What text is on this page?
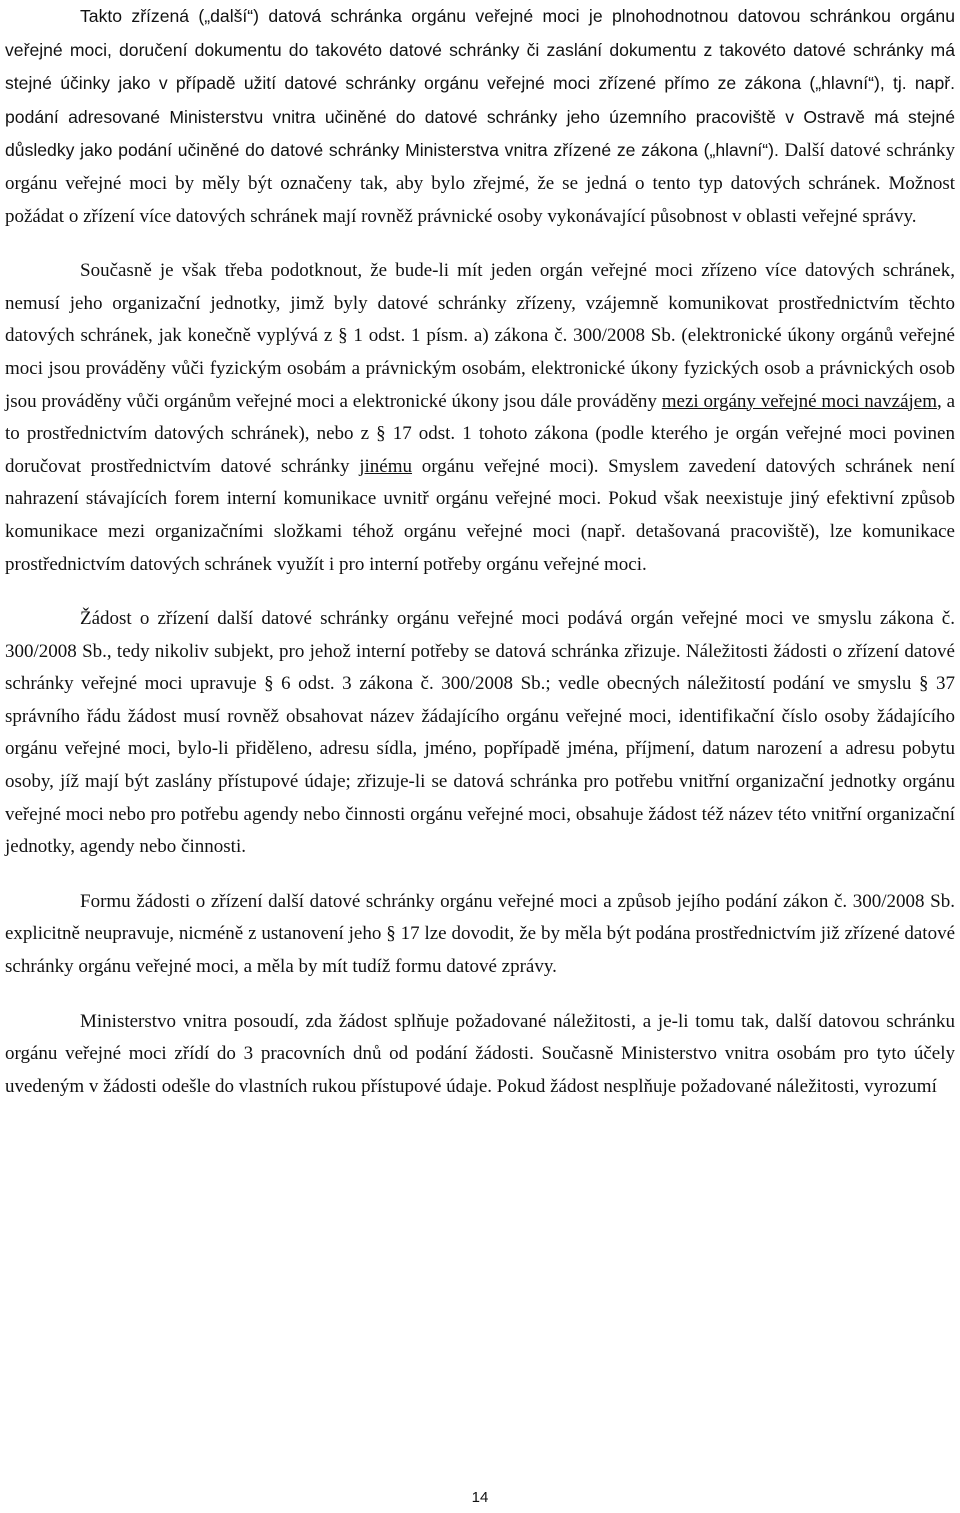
Takto zřízená („další“) datová schránka orgánu veřejné moci je plnohodnotnou datovou schránkou orgánu veřejné moci, doručení dokumentu do takovéto datové schránky či zaslání dokumentu z takovéto datové schránky má stejné účinky jako v případě užití datové schránky orgánu veřejné moci zřízené přímo ze zákona („hlavní“), tj. např. podání adresované Ministerstvu vnitra učiněné do datové schránky jeho územního pracoviště v Ostravě má stejné důsledky jako podání učiněné do datové schránky Ministerstva vnitra zřízené ze zákona („hlavní“). Další datové schránky orgánu veřejné moci by měly být označeny tak, aby bylo zřejmé, že se jedná o tento typ datových schránek. Možnost požádat o zřízení více datových schránek mají rovněž právnické osoby vykonávající působnost v oblasti veřejné správy.

Současně je však třeba podotknout, že bude-li mít jeden orgán veřejné moci zřízeno více datových schránek, nemusí jeho organizační jednotky, jimž byly datové schránky zřízeny, vzájemně komunikovat prostřednictvím těchto datových schránek, jak konečně vyplývá z § 1 odst. 1 písm. a) zákona č. 300/2008 Sb. (elektronické úkony orgánů veřejné moci jsou prováděny vůči fyzickým osobám a právnickým osobám, elektronické úkony fyzických osob a právnických osob jsou prováděny vůči orgánům veřejné moci a elektronické úkony jsou dále prováděny mezi orgány veřejné moci navzájem, a to prostřednictvím datových schránek), nebo z § 17 odst. 1 tohoto zákona (podle kterého je orgán veřejné moci povinen doručovat prostřednictvím datové schránky jinému orgánu veřejné moci). Smyslem zavedení datových schránek není nahrazení stávajících forem interní komunikace uvnitř orgánu veřejné moci. Pokud však neexistuje jiný efektivní způsob komunikace mezi organizačními složkami téhož orgánu veřejné moci (např. detašovaná pracoviště), lze komunikace prostřednictvím datových schránek využít i pro interní potřeby orgánu veřejné moci.

Žádost o zřízení další datové schránky orgánu veřejné moci podává orgán veřejné moci ve smyslu zákona č. 300/2008 Sb., tedy nikoliv subjekt, pro jehož interní potřeby se datová schránka zřizuje. Náležitosti žádosti o zřízení datové schránky veřejné moci upravuje § 6 odst. 3 zákona č. 300/2008 Sb.; vedle obecných náležitostí podání ve smyslu § 37 správního řádu žádost musí rovněž obsahovat název žádajícího orgánu veřejné moci, identifikační číslo osoby žádajícího orgánu veřejné moci, bylo-li přiděleno, adresu sídla, jméno, popřípadě jména, příjmení, datum narození a adresu pobytu osoby, jíž mají být zaslány přístupové údaje; zřizuje-li se datová schránka pro potřebu vnitřní organizační jednotky orgánu veřejné moci nebo pro potřebu agendy nebo činnosti orgánu veřejné moci, obsahuje žádost též název této vnitřní organizační jednotky, agendy nebo činnosti.

Formu žádosti o zřízení další datové schránky orgánu veřejné moci a způsob jejího podání zákon č. 300/2008 Sb. explicitně neupravuje, nicméně z ustanovení jeho § 17 lze dovodit, že by měla být podána prostřednictvím již zřízené datové schránky orgánu veřejné moci, a měla by mít tudíž formu datové zprávy.

Ministerstvo vnitra posoudí, zda žádost splňuje požadované náležitosti, a je-li tomu tak, další datovou schránku orgánu veřejné moci zřídí do 3 pracovních dnů od podání žádosti. Současně Ministerstvo vnitra osobám pro tyto účely uvedeným v žádosti odešle do vlastních rukou přístupové údaje. Pokud žádost nesplňuje požadované náležitosti, vyrozumí

14
